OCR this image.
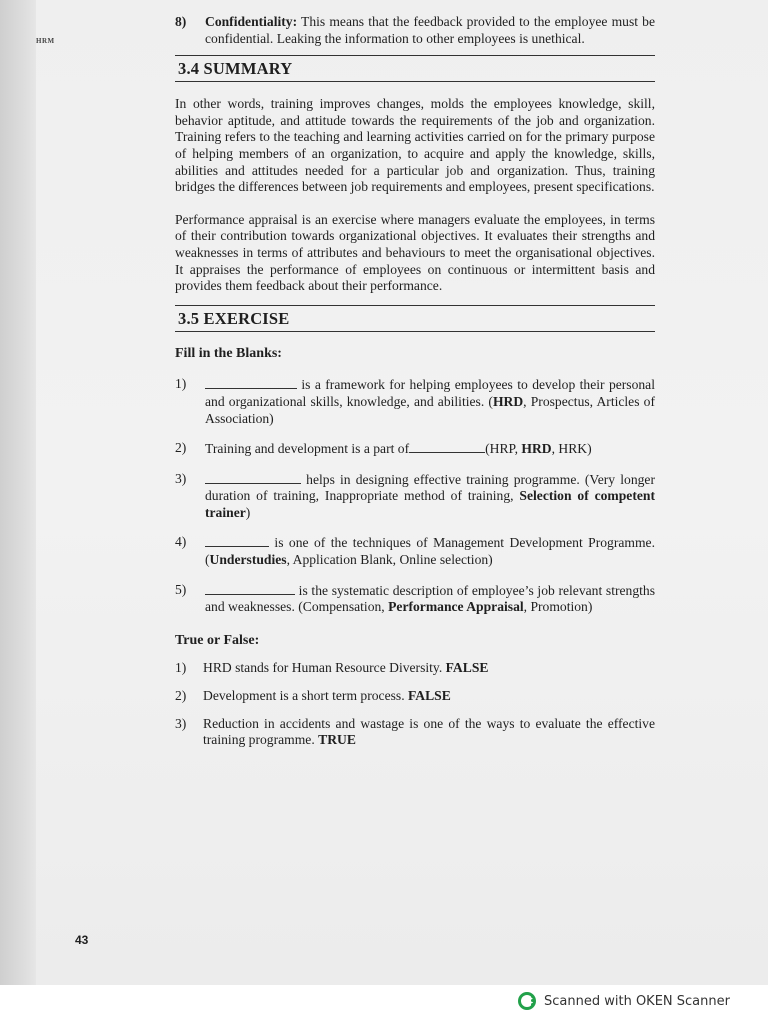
HRM
8)	Confidentiality: This means that the feedback provided to the employee must be confidential. Leaking the information to other employees is unethical.
3.4 SUMMARY

In other words, training improves changes, molds the employees knowledge, skill, behavior aptitude, and attitude towards the requirements of the job and organization. Training refers to the teaching and learning activities carried on for the primary purpose of helping members of an organization, to acquire and apply the knowledge, skills, abilities and attitudes needed for a particular job and organization. Thus, training bridges the differences between job requirements and employees, present specifications.

Performance appraisal is an exercise where managers evaluate the employees, in terms of their contribution towards organizational objectives. It evaluates their strengths and weaknesses in terms of attributes and behaviours to meet the organisational objectives. It appraises the performance of employees on continuous or intermittent basis and provides them feedback about their performance.

3.5 EXERCISE
Fill in the Blanks:
1)	is a framework for helping employees to develop their personal and organizational skills, knowledge, and abilities. (HRD, Prospectus, Articles of Association)
2)	Training and development is a part of	(HRP, HRD, HRK)
3)	helps in designing effective training programme. (Very longer duration of training, Inappropriate method of training, Selection of competent trainer)
4)	is one of the techniques of Management Development Programme. (Understudies, Application Blank, Online selection)
5)	is the systematic description of employee’s job relevant strengths and weaknesses. (Compensation, Performance Appraisal, Promotion)
True or False:
1)	HRD stands for Human Resource Diversity. FALSE
2)	Development is a short term process. FALSE
3)	Reduction in accidents and wastage is one of the ways to evaluate the effective training programme. TRUE
43
Scanned with OKEN Scanner
